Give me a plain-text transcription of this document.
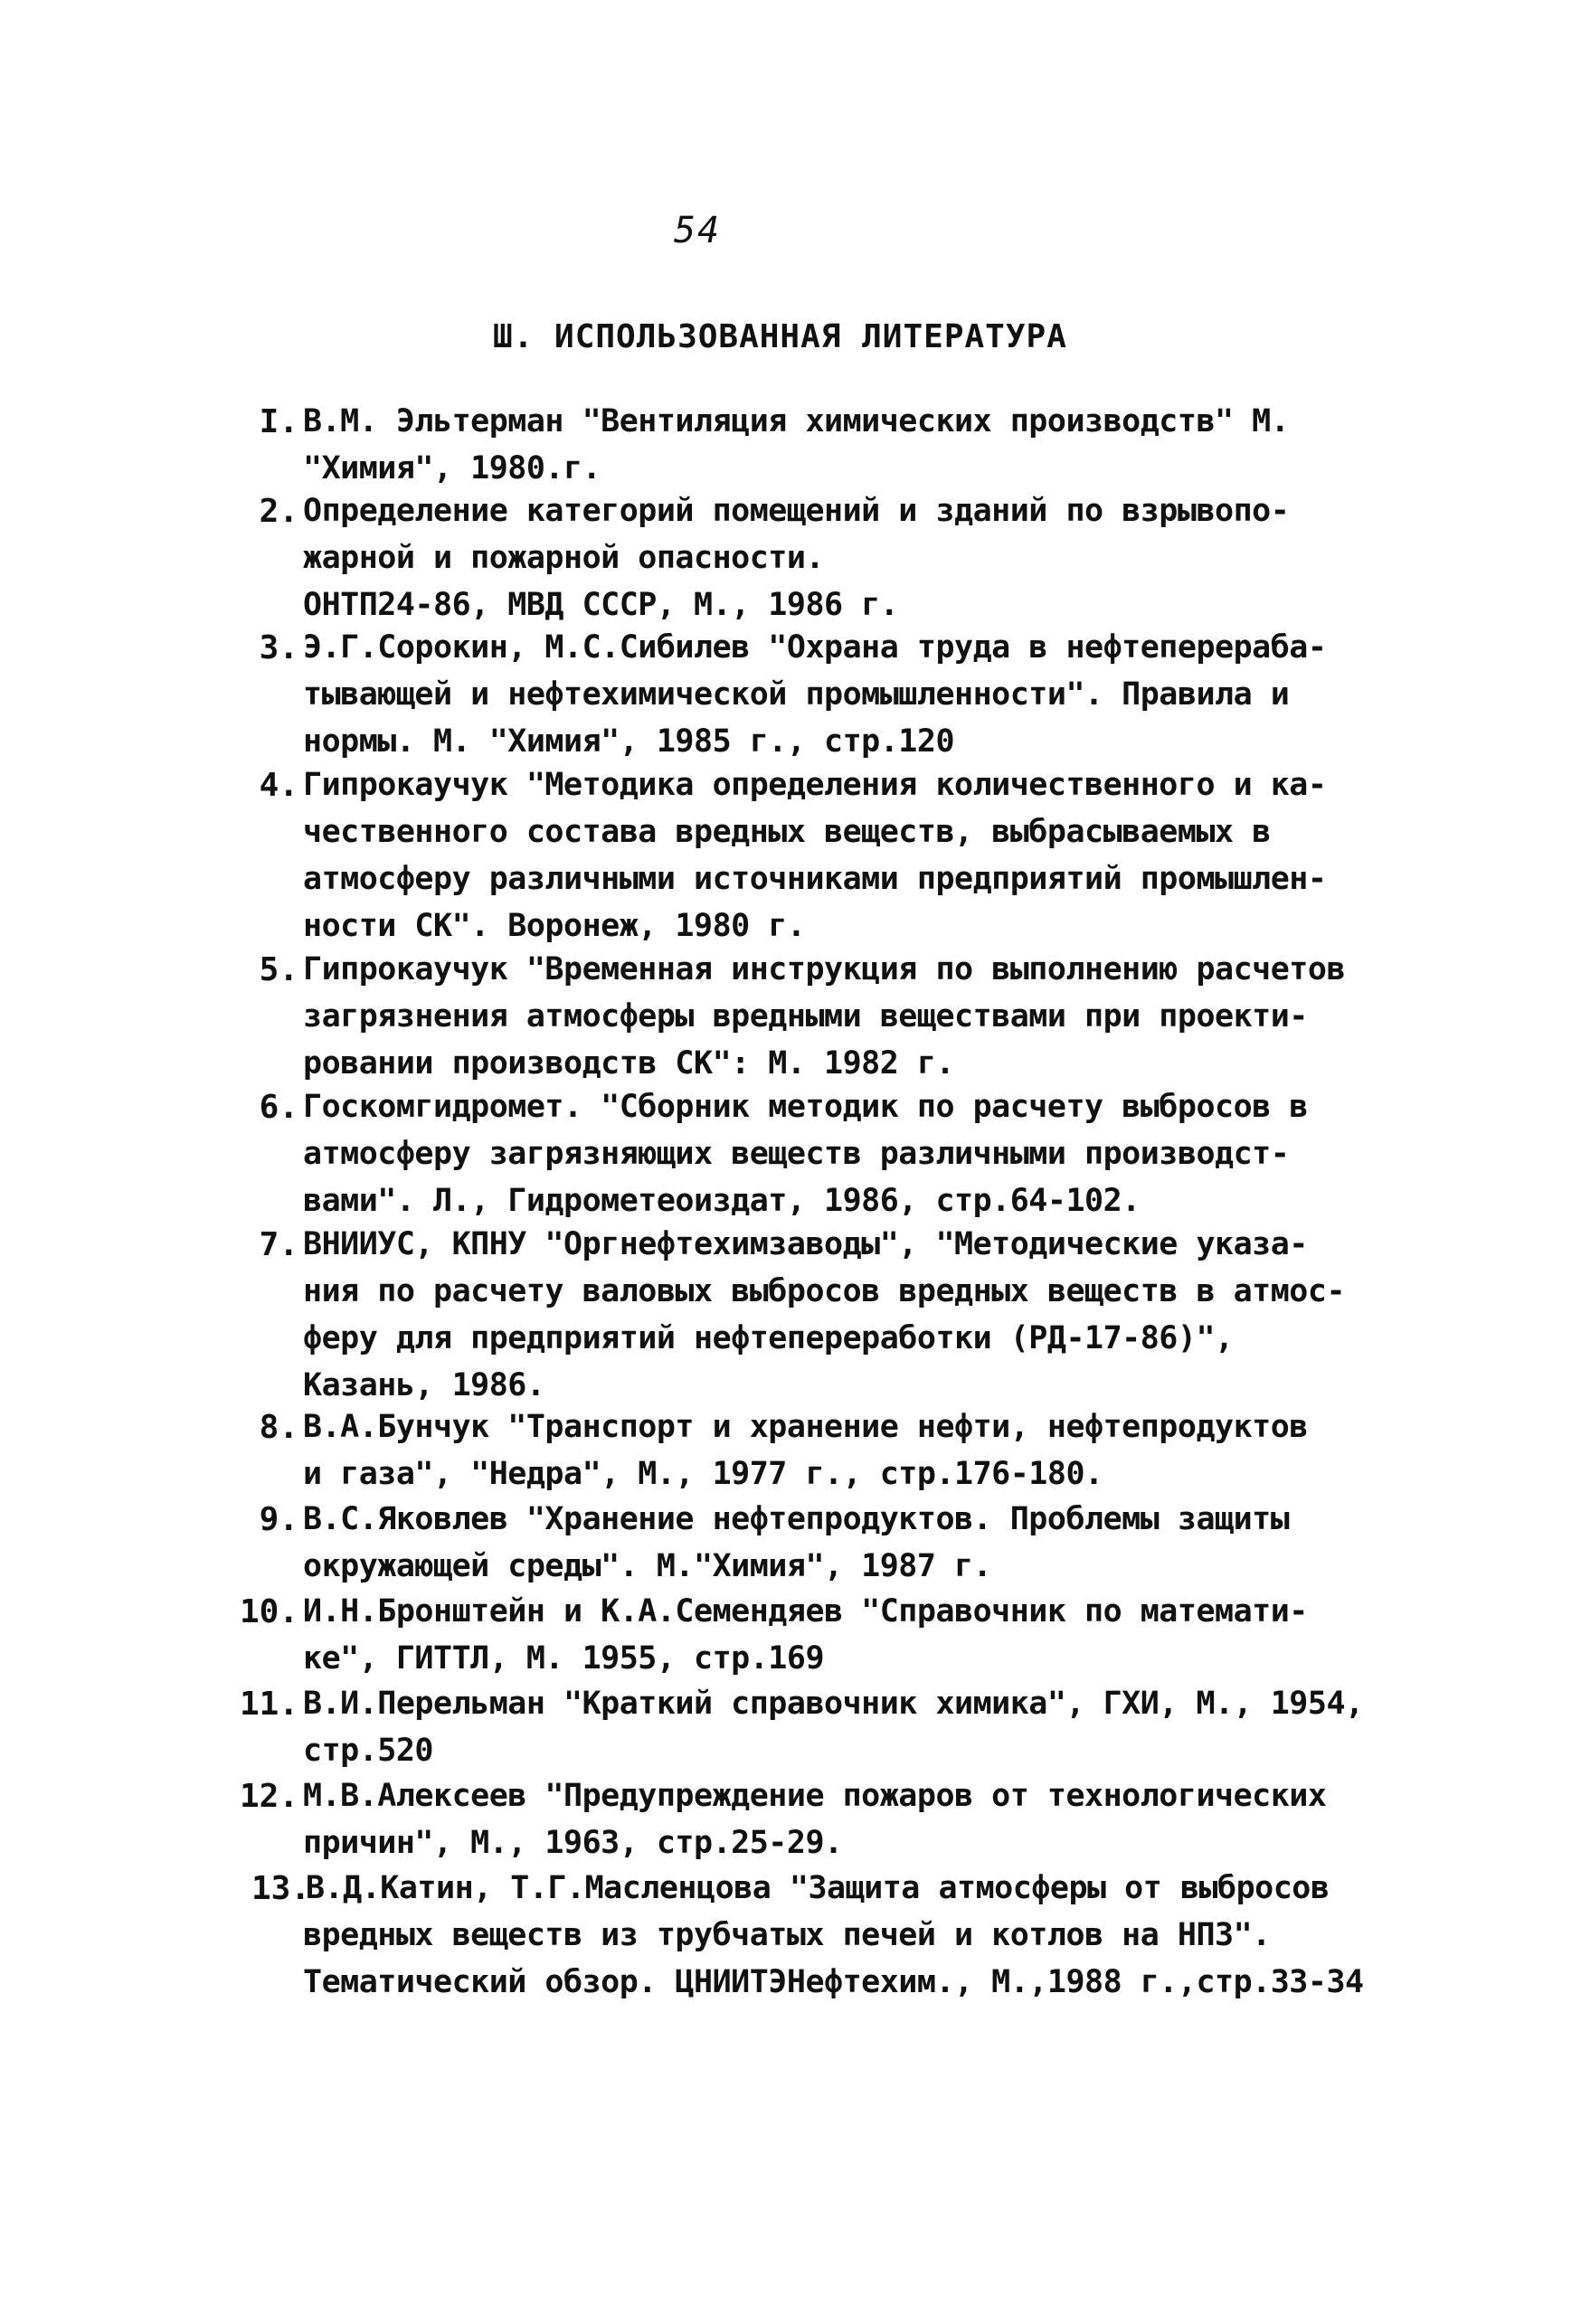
54
Ш. ИСПОЛЬЗОВАННАЯ ЛИТЕРАТУРА
I. В.М. Эльтерман "Вентиляция химических производств" М.
"Химия", 1980.г.
2. Определение категорий помещений и зданий по взрывопо-
жарной и пожарной опасности.
ОНТП24-86, МВД СССР, М., 1986 г.
3. Э.Г.Сорокин, М.С.Сибилев "Охрана труда в нефтеперераба-
тывающей и нефтехимической промышленности". Правила и
нормы. М. "Химия", 1985 г., стр.120
4. Гипрокаучук "Методика определения количественного и ка-
чественного состава вредных веществ, выбрасываемых в
атмосферу различными источниками предприятий промышлен-
ности СК". Воронеж, 1980 г.
5. Гипрокаучук "Временная инструкция по выполнению расчетов
загрязнения атмосферы вредными веществами при проекти-
ровании производств СК": М. 1982 г.
6. Госкомгидромет. "Сборник методик по расчету выбросов в
атмосферу загрязняющих веществ различными производст-
вами". Л., Гидрометеоиздат, 1986, стр.64-102.
7. ВНИИУС, КПНУ "Оргнефтехимзаводы", "Методические указа-
ния по расчету валовых выбросов вредных веществ в атмос-
феру для предприятий нефтепереработки (РД-17-86)",
Казань, 1986.
8. В.А.Бунчук "Транспорт и хранение нефти, нефтепродуктов
и газа", "Недра", М., 1977 г., стр.176-180.
9. В.С.Яковлев "Хранение нефтепродуктов. Проблемы защиты
окружающей среды". М."Химия", 1987 г.
10. И.Н.Бронштейн и К.А.Семендяев "Справочник по математи-
ке", ГИТТЛ, М. 1955, стр.169
11. В.И.Перельман "Краткий справочник химика", ГХИ, М., 1954,
стр.520
12. М.В.Алексеев "Предупреждение пожаров от технологических
причин", М., 1963, стр.25-29.
13.
В.Д.Катин, Т.Г.Масленцова "Защита атмосферы от выбросов
вредных веществ из трубчатых печей и котлов на НПЗ".
Тематический обзор. ЦНИИТЭНефтехим., М.,1988 г.,стр.33-34
